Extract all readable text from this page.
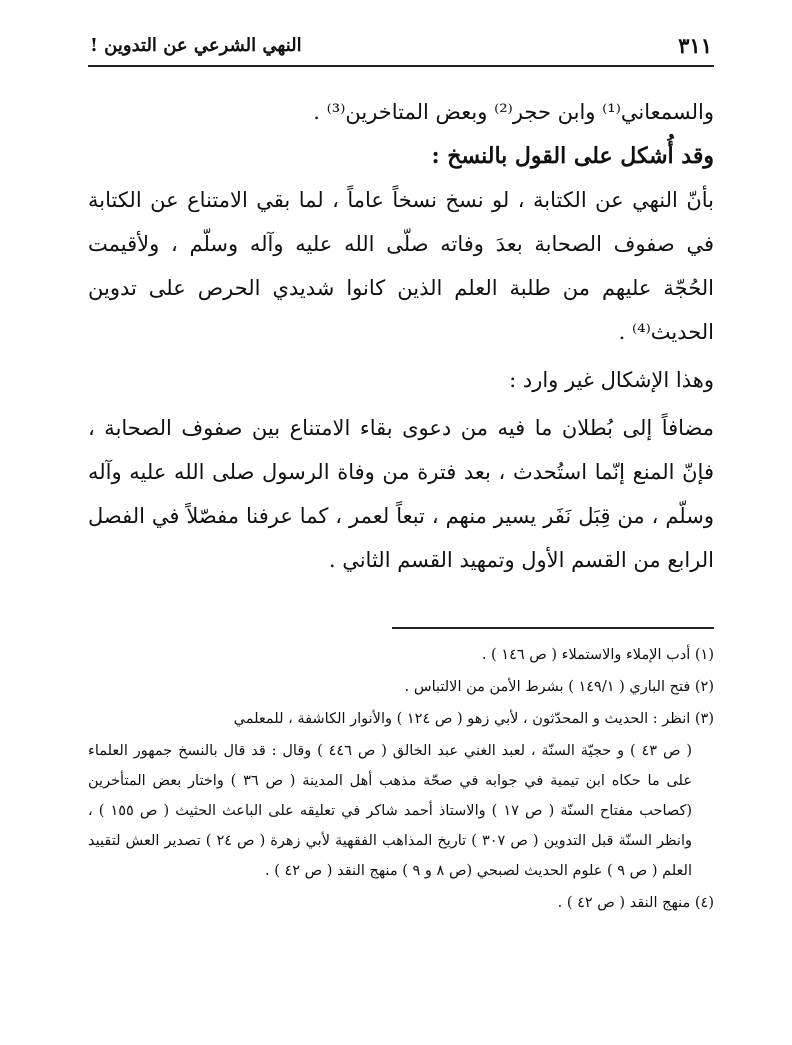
النهي الشرعي عن التدوين !	٣١١

والسمعاني⁽¹⁾ وابن حجر⁽²⁾ وبعض المتاخرين⁽³⁾ .

وقد أُشكل على القول بالنسخ :

بأنّ النهي عن الكتابة ، لو نسخ نسخاً عاماً ، لما بقي الامتناع عن الكتابة في صفوف الصحابة بعدَ وفاته صلّى الله عليه وآله وسلّم ، ولأقيمت الحُجّة عليهم من طلبة العلم الذين كانوا شديدي الحرص على تدوين الحديث⁽⁴⁾ .

وهذا الإشكال غير وارد :

مضافاً إلى بُطلان ما فيه من دعوى بقاء الامتناع بين صفوف الصحابة ، فإنّ المنع إنّما استُحدث ، بعد فترة من وفاة الرسول صلى الله عليه وآله وسلّم ، من قِبَل نَفَر يسير منهم ، تبعاً لعمر ، كما عرفنا مفصّلاً في الفصل الرابع من القسم الأول وتمهيد القسم الثاني .

(١) أدب الإملاء والاستملاء ( ص ١٤٦ ) .

(٢) فتح الباري ( ١٤٩/١ ) بشرط الأمن من الالتباس .

(٣) انظر : الحديث و المحدّثون ، لأبي زهو ( ص ١٢٤ ) والأنوار الكاشفة ، للمعلمي

( ص ٤٣ ) و حجيّة السنّة ، لعبد الغني عبد الخالق ( ص ٤٤٦ ) وقال : قد قال بالنسخ جمهور العلماء على ما حكاه ابن تيمية في جوابه في صحّة مذهب أهل المدينة ( ص ٣٦ ) واختار بعض المتأخرين (كصاحب مفتاح السنّة ( ص ١٧ ) والاستاذ أحمد شاكر في تعليقه على الباعث الحثيث ( ص ١٥٥ ) ، وانظر السنّة قبل التدوين ( ص ٣٠٧ ) تاريخ المذاهب الفقهية لأبي زهرة ( ص ٢٤ ) تصدير العش لتقييد العلم ( ص ٩ ) علوم الحديث لصبحي (ص ٨ و ٩ ) منهج النقد ( ص ٤٢ ) .

(٤) منهج النقد ( ص ٤٢ ) .
